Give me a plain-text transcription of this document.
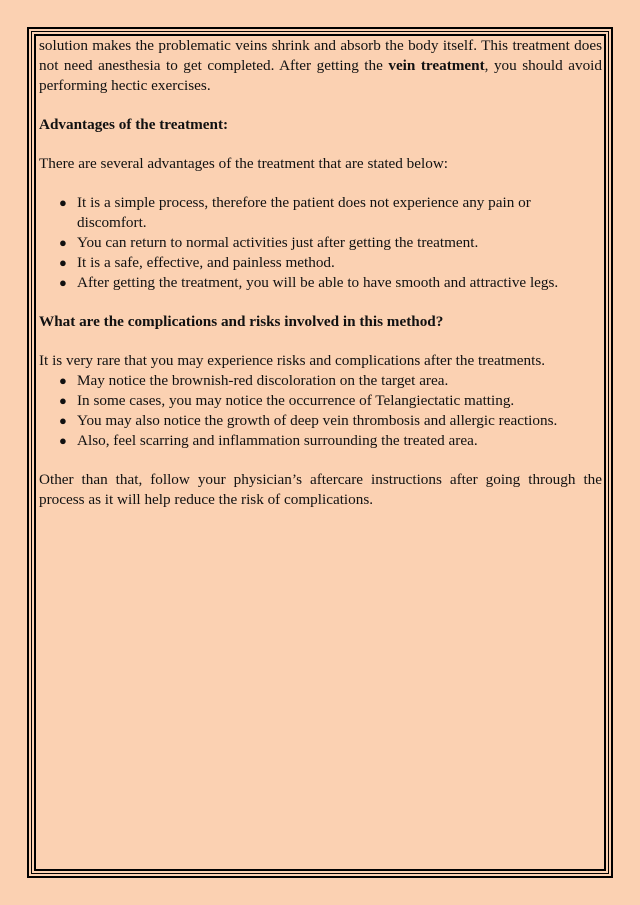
solution makes the problematic veins shrink and absorb the body itself. This treatment does not need anesthesia to get completed. After getting the vein treatment, you should avoid performing hectic exercises.

Advantages of the treatment:

There are several advantages of the treatment that are stated below:

● It is a simple process, therefore the patient does not experience any pain or discomfort.
● You can return to normal activities just after getting the treatment.
● It is a safe, effective, and painless method.
● After getting the treatment, you will be able to have smooth and attractive legs.

What are the complications and risks involved in this method?

It is very rare that you may experience risks and complications after the treatments.

● May notice the brownish-red discoloration on the target area.
● In some cases, you may notice the occurrence of Telangiectatic matting.
● You may also notice the growth of deep vein thrombosis and allergic reactions.
● Also, feel scarring and inflammation surrounding the treated area.

Other than that, follow your physician’s aftercare instructions after going through the process as it will help reduce the risk of complications.
